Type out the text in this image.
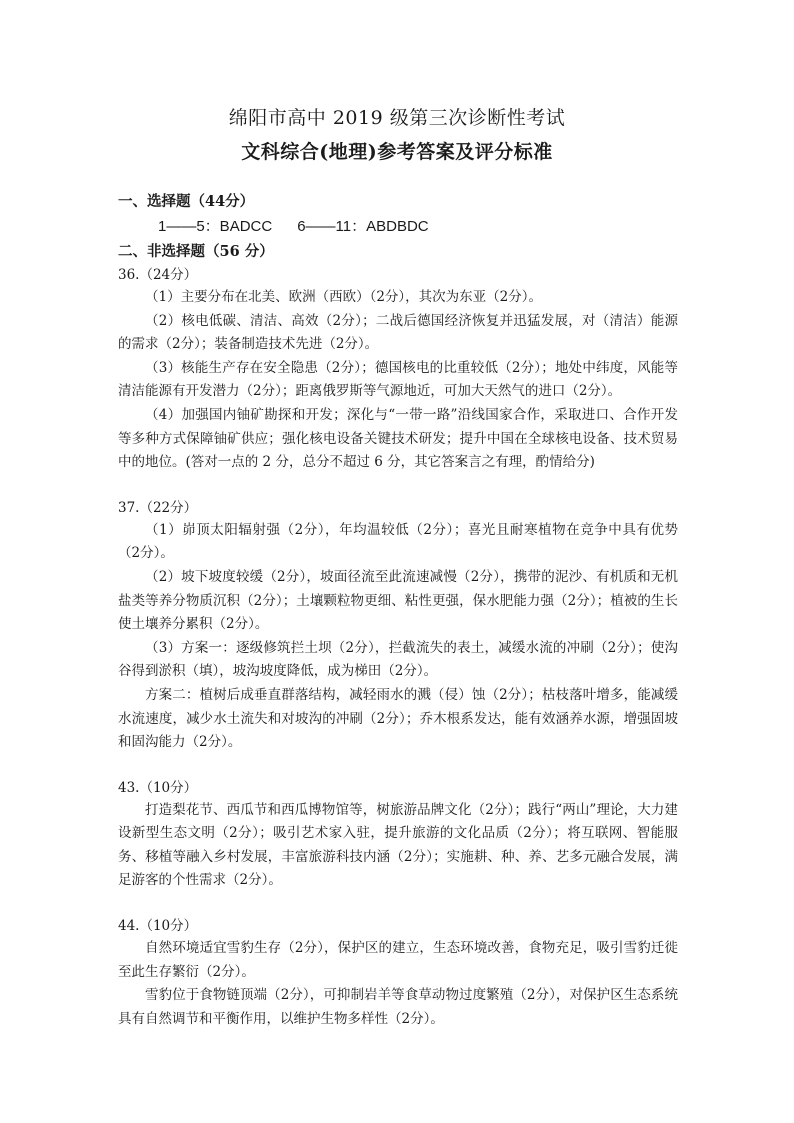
绵阳市高中 2019 级第三次诊断性考试
文科综合(地理)参考答案及评分标准
一、选择题（44分）
1——5：BADCC      6——11：ABDBDC
二、非选择题（56 分）
36.（24分）

（1）主要分布在北美、欧洲（西欧）（2分），其次为东亚（2分）。

（2）核电低碳、清洁、高效（2分）；二战后德国经济恢复并迅猛发展，对（清洁）能源的需求（2分）；装备制造技术先进（2分）。

（3）核能生产存在安全隐患（2分）；德国核电的比重较低（2分）；地处中纬度，风能等清洁能源有开发潜力（2分）；距离俄罗斯等气源地近，可加大天然气的进口（2分）。

（4）加强国内铀矿勘探和开发；深化与“一带一路”沿线国家合作，采取进口、合作开发等多种方式保障铀矿供应；强化核电设备关键技术研发；提升中国在全球核电设备、技术贸易中的地位。(答对一点的 2 分，总分不超过 6 分，其它答案言之有理，酌情给分)

37.（22分）

（1）峁顶太阳辐射强（2分），年均温较低（2分）；喜光且耐寒植物在竞争中具有优势（2分）。

（2）坡下坡度较缓（2分），坡面径流至此流速减慢（2分），携带的泥沙、有机质和无机盐类等养分物质沉积（2分）；土壤颗粒物更细、粘性更强，保水肥能力强（2分）；植被的生长使土壤养分累积（2分）。

（3）方案一：逐级修筑拦土坝（2分），拦截流失的表土，减缓水流的冲刷（2分）；使沟谷得到淤积（填），坡沟坡度降低，成为梯田（2分）。

方案二：植树后成垂直群落结构，减轻雨水的溅（侵）蚀（2分）；枯枝落叶增多，能减缓水流速度，减少水土流失和对坡沟的冲刷（2分）；乔木根系发达，能有效涵养水源，增强固坡和固沟能力（2分）。

43.（10分）

打造梨花节、西瓜节和西瓜博物馆等，树旅游品牌文化（2分）；践行“两山”理论，大力建设新型生态文明（2分）；吸引艺术家入驻，提升旅游的文化品质（2分）；将互联网、智能服务、移植等融入乡村发展，丰富旅游科技内涵（2分）；实施耕、种、养、艺多元融合发展，满足游客的个性需求（2分）。

44.（10分）

自然环境适宜雪豹生存（2分），保护区的建立，生态环境改善，食物充足，吸引雪豹迁徙至此生存繁衍（2分）。

雪豹位于食物链顶端（2分），可抑制岩羊等食草动物过度繁殖（2分），对保护区生态系统具有自然调节和平衡作用，以维护生物多样性（2分）。
